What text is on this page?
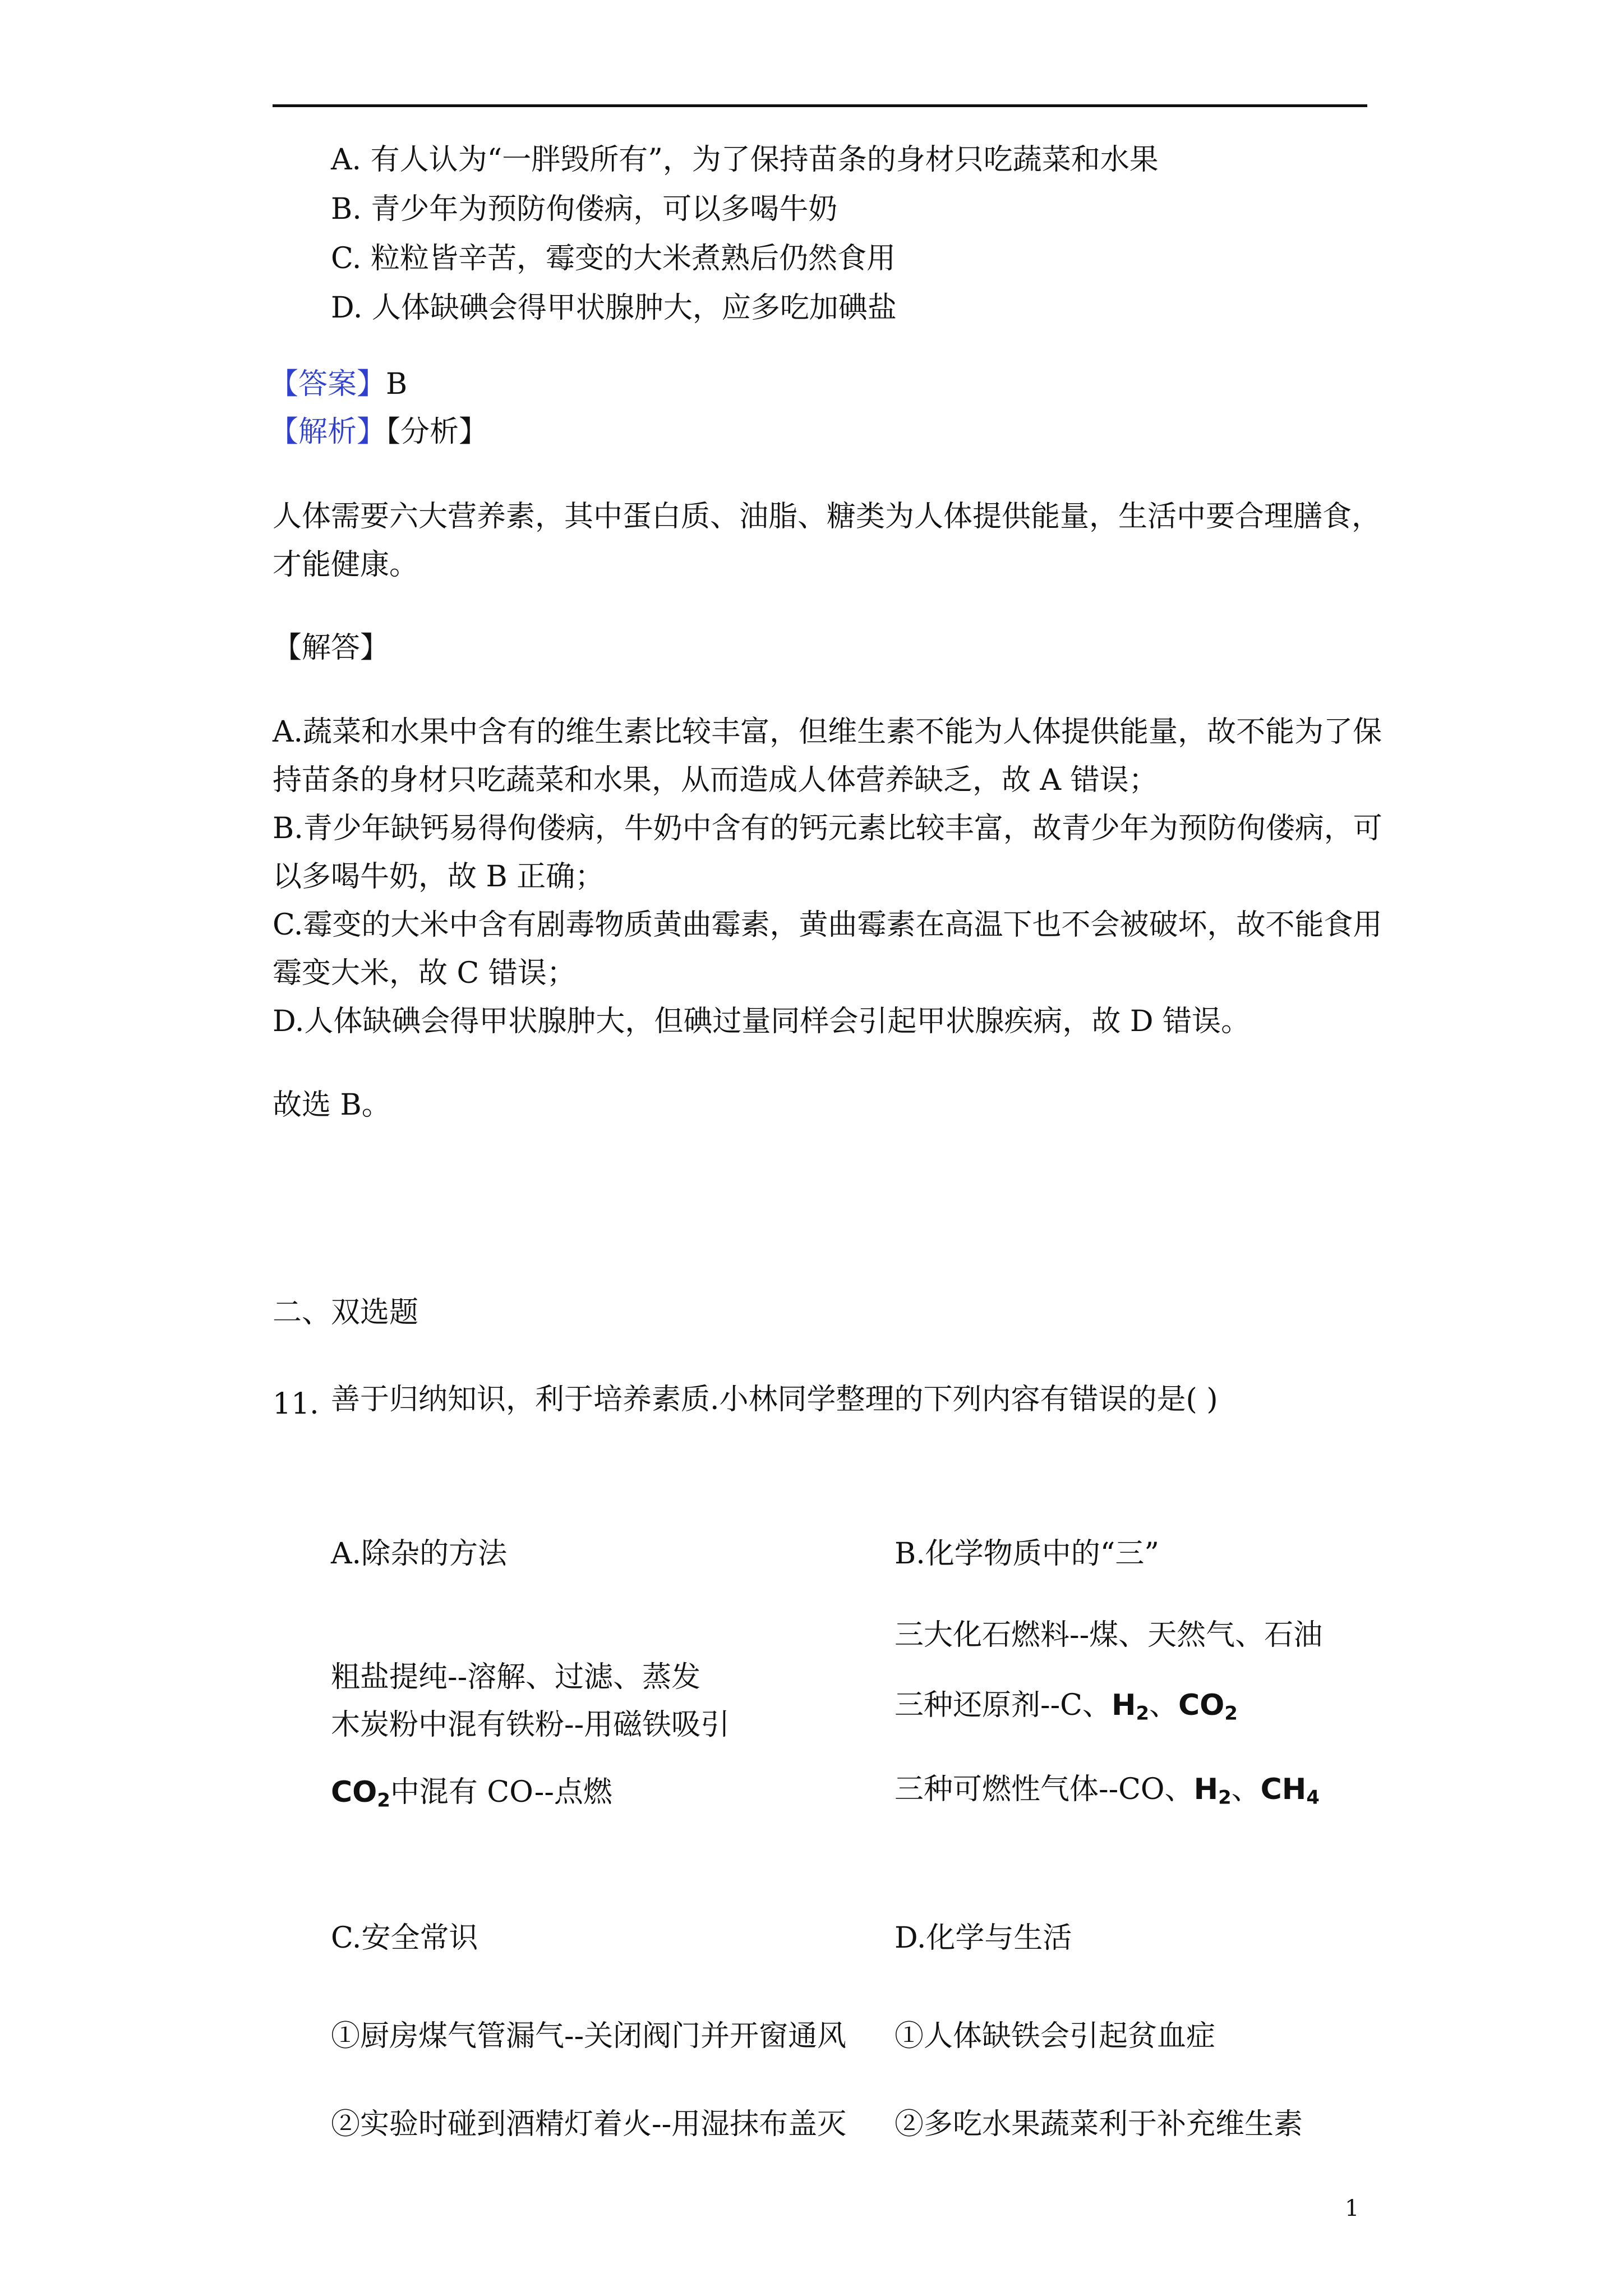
A. 有人认为“一胖毁所有”，为了保持苗条的身材只吃蔬菜和水果
B. 青少年为预防佝偻病，可以多喝牛奶
C. 粒粒皆辛苦，霉变的大米煮熟后仍然食用
D. 人体缺碘会得甲状腺肿大，应多吃加碘盐
【答案】B
【解析】【分析】
人体需要六大营养素，其中蛋白质、油脂、糖类为人体提供能量，生活中要合理膳食，
才能健康。
【解答】
A.蔬菜和水果中含有的维生素比较丰富，但维生素不能为人体提供能量，故不能为了保
持苗条的身材只吃蔬菜和水果，从而造成人体营养缺乏，故 A 错误；
B.青少年缺钙易得佝偻病，牛奶中含有的钙元素比较丰富，故青少年为预防佝偻病，可
以多喝牛奶，故 B 正确；
C.霉变的大米中含有剧毒物质黄曲霉素，黄曲霉素在高温下也不会被破坏，故不能食用
霉变大米，故 C 错误；
D.人体缺碘会得甲状腺肿大，但碘过量同样会引起甲状腺疾病，故 D 错误。
故选 B。
二、双选题
11. 善于归纳知识，利于培养素质.小林同学整理的下列内容有错误的是( )
A.除杂的方法
粗盐提纯--溶解、过滤、蒸发
木炭粉中混有铁粉--用磁铁吸引
$CO_2$中混有 CO--点燃
B.化学物质中的“三”
三大化石燃料--煤、天然气、石油
三种还原剂--C、$H_2$、$CO_2$
三种可燃性气体--CO、$H_2$、$CH_4$
C.安全常识
①厨房煤气管漏气--关闭阀门并开窗通风
②实验时碰到酒精灯着火--用湿抹布盖灭
D.化学与生活
①人体缺铁会引起贫血症
②多吃水果蔬菜利于补充维生素
1
